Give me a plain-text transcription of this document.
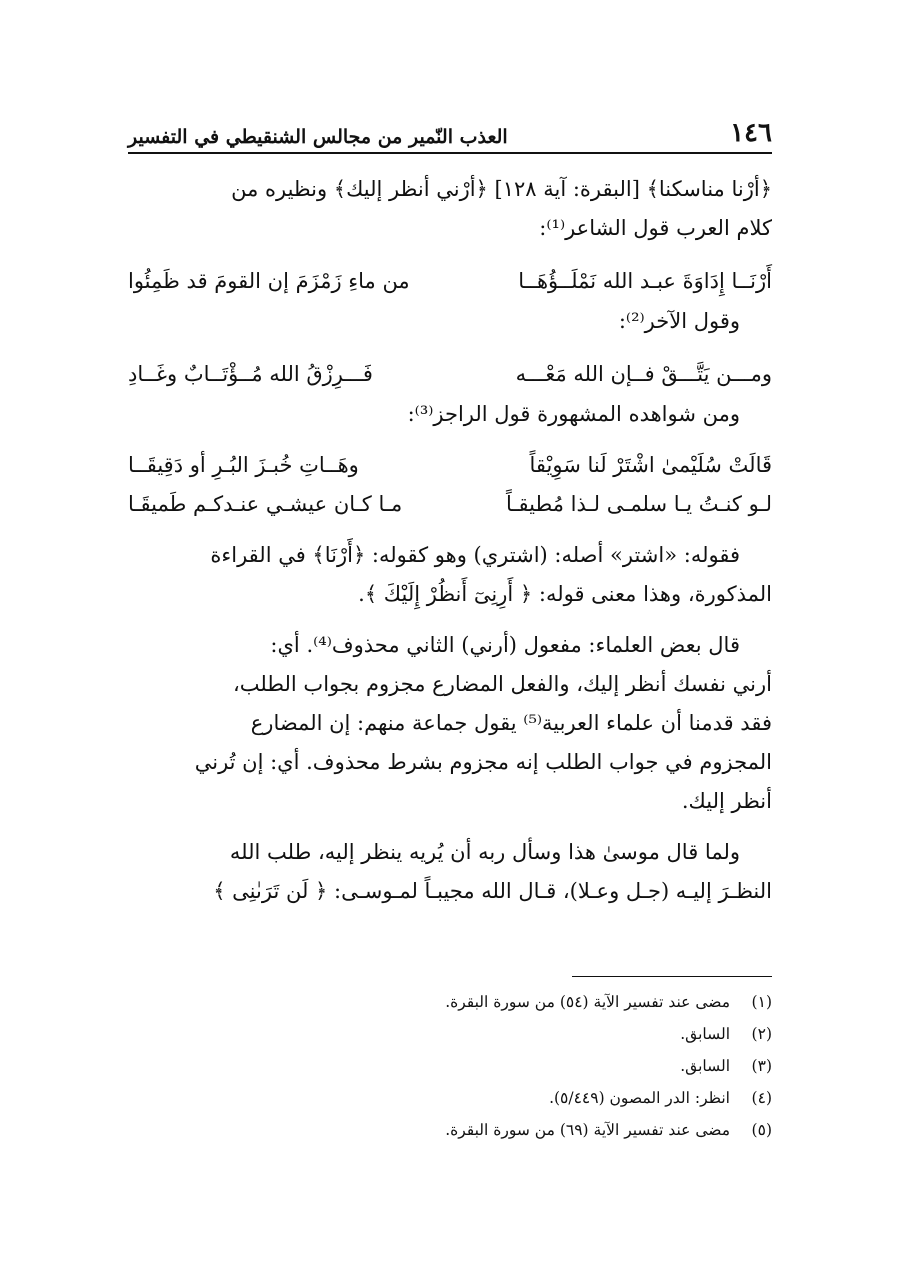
١٤٦
العذب النّمير من مجالس الشنقيطي في التفسير

﴿أرْنا مناسكنا﴾ [البقرة: آية ١٢٨] ﴿أرْني أنظر إليك﴾ ونظيره من

كلام العرب قول الشاعر⁽¹⁾:

أَرْنَــا إِدَاوَةَ عبـد الله نَمْلَــؤُهَــا
من ماءِ زَمْزَمَ إن القومَ قد ظَمِئُوا

وقول الآخر⁽²⁾:

ومـــن يَتَّـــقْ فــإن الله مَعْـــه
فَـــرِزْقُ الله مُــؤْتَــابٌ وغَــادِ

ومن شواهده المشهورة قول الراجز⁽³⁾:

قَالَتْ سُلَيْمىٰ اشْتَرْ لَنا سَوِيْقاً
وهَــاتِ خُبـزَ البُـرِ أو دَقِيقَــا
لـو كنـتُ يـا سلمـى لـذا مُطيقـاً
مـا كـان عيشـي عنـدكـم طَميقَـا

فقوله: «اشتر» أصله: (اشتري) وهو كقوله: ﴿أَرْنَا﴾ في القراءة

المذكورة، وهذا معنى قوله: ﴿ أَرِنِىٓ أَنظُرْ إِلَيْكَ ﴾.

قال بعض العلماء: مفعول (أرني) الثاني محذوف⁽⁴⁾. أي:

أرني نفسك أنظر إليك، والفعل المضارع مجزوم بجواب الطلب،

فقد قدمنا أن علماء العربية⁽⁵⁾ يقول جماعة منهم: إن المضارع

المجزوم في جواب الطلب إنه مجزوم بشرط محذوف. أي: إن تُرني

أنظر إليك.

ولما قال موسىٰ هذا وسأل ربه أن يُريه ينظر إليه، طلب الله

النظـرَ إليـه (جـل وعـلا)، قـال الله مجيبـاً لمـوسـى: ﴿ لَن تَرَىٰنِى ﴾

(١)
مضى عند تفسير الآية (٥٤) من سورة البقرة.
(٢)
السابق.
(٣)
السابق.
(٤)
انظر: الدر المصون (٥/٤٤٩).
(٥)
مضى عند تفسير الآية (٦٩) من سورة البقرة.
